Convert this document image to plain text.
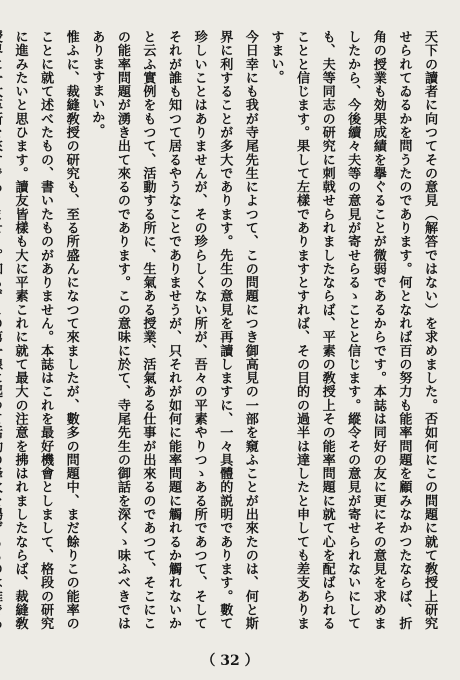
天下の讀者に向つてその意見（解答ではない）を求めました。否如何にこの問題に就て敎授上研究せられてゐるかを問うたのであります。何となれば百の努力も能率問題を顧みなかつたならば、折角の授業も効果成績を擧ぐることが微弱であるからです。本誌は同好の友に更にその意見を求めましたから、今後續々夫等の意見が寄せらるゝことと信じます。縱令その意見が寄せられないにしても、夫等同志の研究に刺戟せられましたならば、平素の敎授上その能率問題に就て心を配ばられることと信じます。果して左樣でありますとすれば、その目的の過半は達したと申しても差支ありますまい。

今日幸にも我が寺尾先生によつて、この問題につき御高見の一部を窺ふことが出來たのは、何と斯界に利することが多大であります。先生の意見を再讀しますに、一々具體的説明であります。數て珍しいことはありませんが、その珍らしくない所が、吾々の平素やりつゝある所であつて、そしてそれが誰も知つて居るやうなことでありませうが、只それが如何に能率問題に觸れるか觸れないかと云ふ實例をもつて、活動する所に、生氣ある授業、活氣ある仕事が出來るのであつて、そこにこの能率問題が湧き出て來るのであります。この意味に於て、寺尾先生の御話を深くゝ味ふべきではありますまいか。

惟ふに、裁縫敎授の研究も、至る所盛んになつて來ましたが、數多の問題中、まだ餘りこの能率のことに就て述べたもの、書いたものがありません。本誌はこれを最好機會としまして、格段の研究に進みたいと思ひます。讀友皆樣も大に平素これに就て最大の注意を拂はれましたならば、裁縫敎

（ 32 ）
